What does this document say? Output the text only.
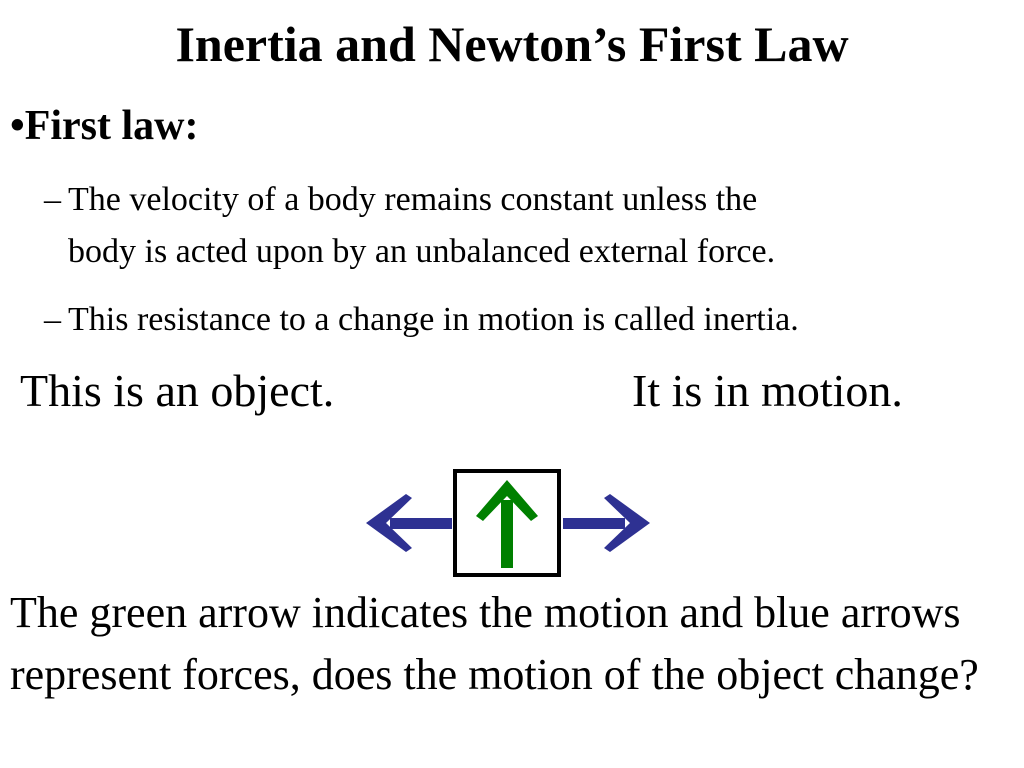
Inertia and Newton’s First Law
•First law:
– The velocity of a body remains constant unless the
body is acted upon by an unbalanced external force.
– This resistance to a change in motion is called inertia.
This is an object.	It is in motion.
The green arrow indicates the motion and blue arrows represent forces, does the motion of the object change?
